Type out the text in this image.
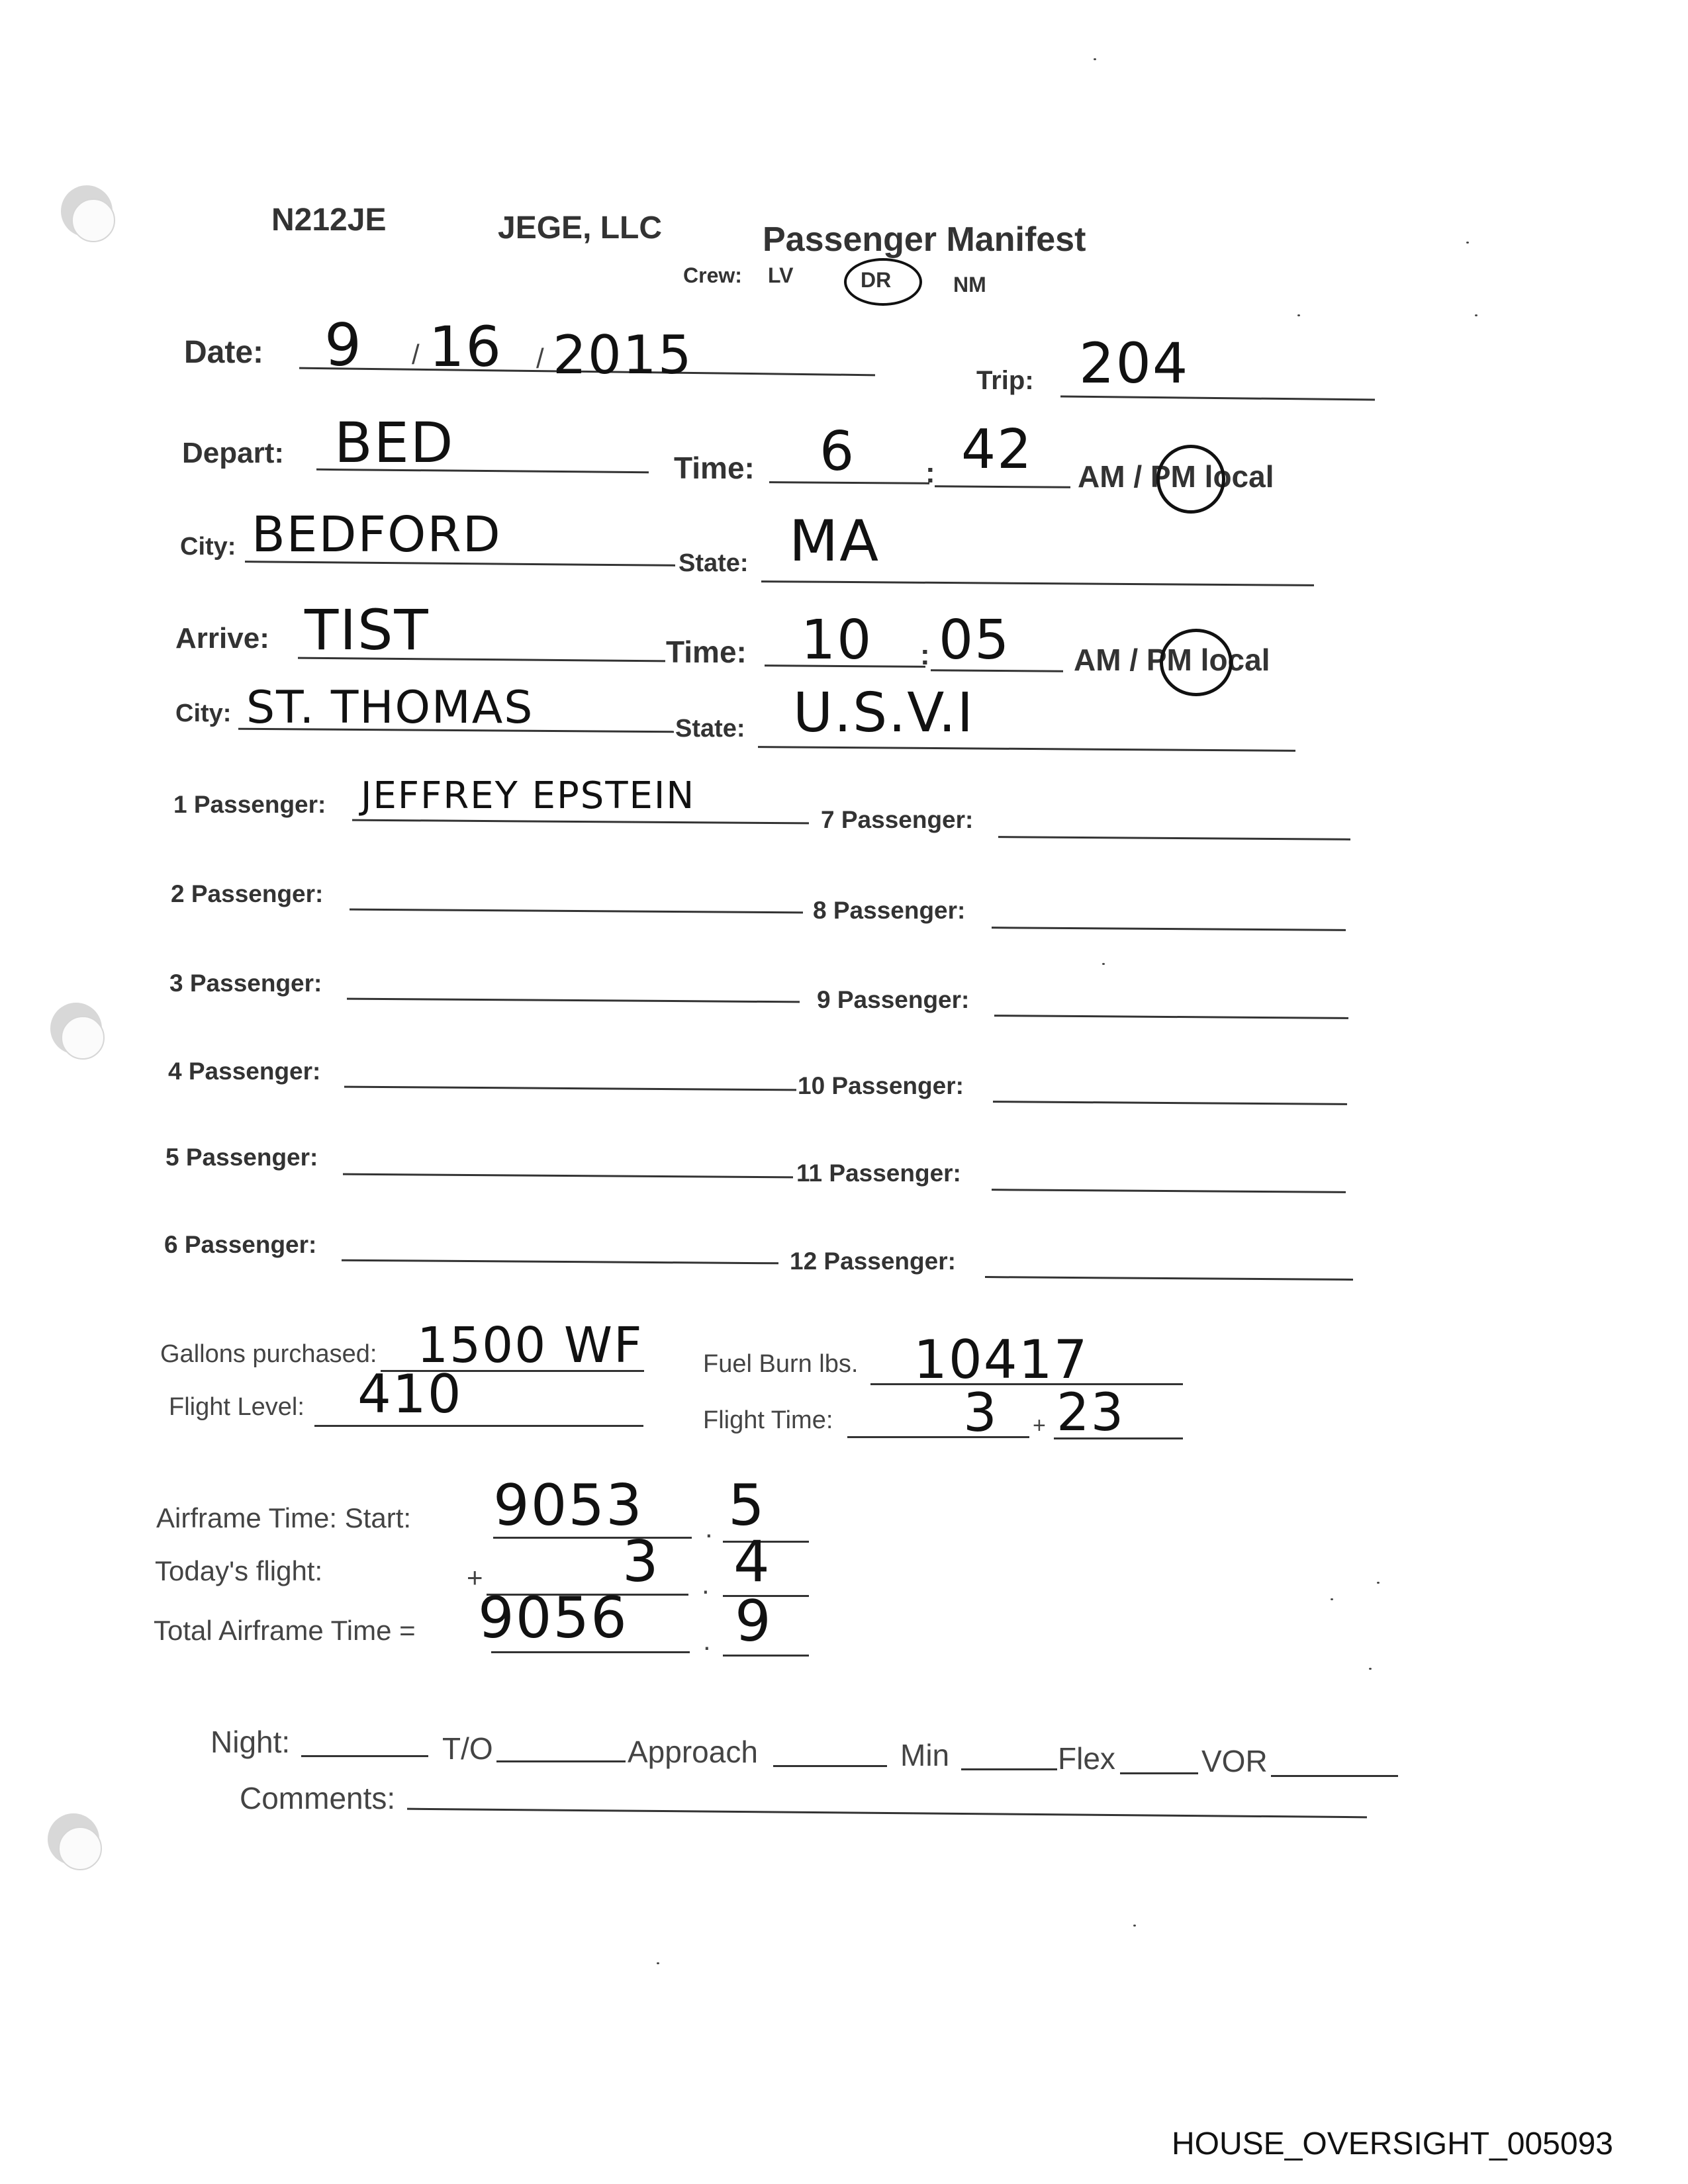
N212JE	JEGE, LLC	Passenger Manifest
Crew: LV	DR	NM
Date: 9 / 16 / 2015	Trip: 204
Depart: BED	Time: 6 : 42 AM / PM local
City: BEDFORD	State: MA
Arrive: TIST	Time: 10 : 05 AM / PM local
City: ST. THOMAS	State: U.S.V.I
1 Passenger: JEFFREY EPSTEIN
2 Passenger:
3 Passenger:
4 Passenger:
5 Passenger:
6 Passenger:
7 Passenger:
8 Passenger:
9 Passenger:
10 Passenger:
11 Passenger:
12 Passenger:
Gallons purchased: 1500 WF Fuel Burn lbs. 10417
Flight Level: 410	Flight Time: 3 + 23
Airframe Time: Start: 9053 . 5
Today's flight:	+ 3 . 4
Total Airframe Time = 9056	. 9
Night:	T/O	Approach	Min	Flex	VOR
Comments:
HOUSE_OVERSIGHT_005093
